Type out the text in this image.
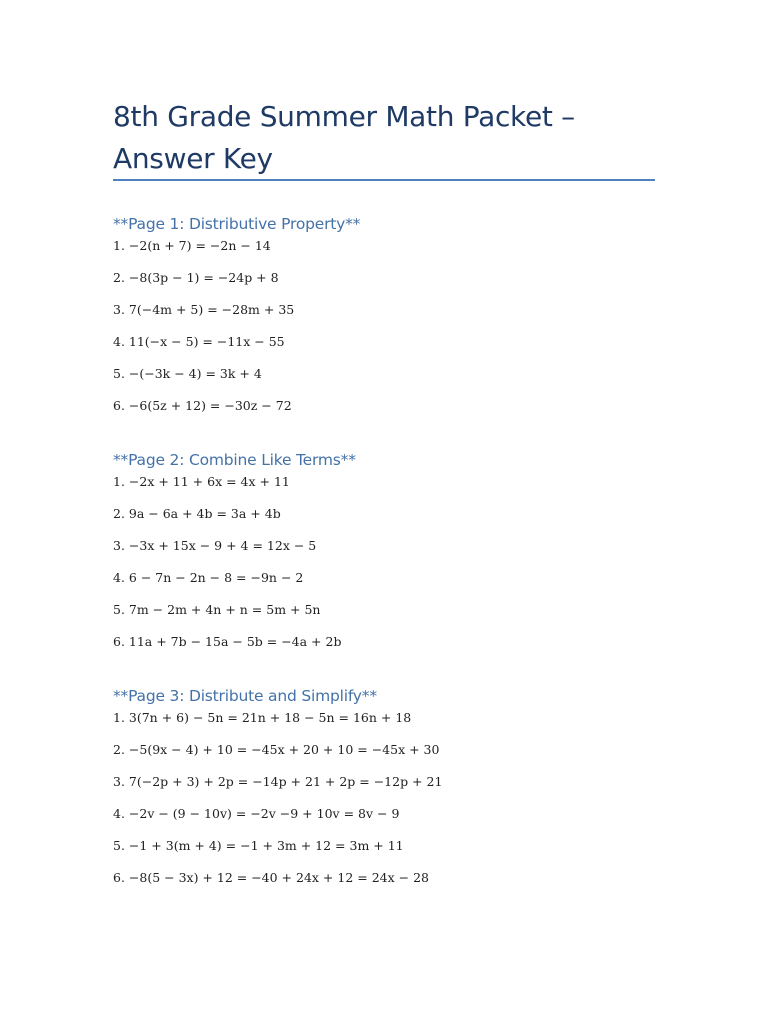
8th Grade Summer Math Packet – Answer Key
**Page 1: Distributive Property**
1. −2(n + 7) = −2n − 14
2. −8(3p − 1) = −24p + 8
3. 7(−4m + 5) = −28m + 35
4. 11(−x − 5) = −11x − 55
5. −(−3k − 4) = 3k + 4
6. −6(5z + 12) = −30z − 72
**Page 2: Combine Like Terms**
1. −2x + 11 + 6x = 4x + 11
2. 9a − 6a + 4b = 3a + 4b
3. −3x + 15x − 9 + 4 = 12x − 5
4. 6 − 7n − 2n − 8 = −9n − 2
5. 7m − 2m + 4n + n = 5m + 5n
6. 11a + 7b − 15a − 5b = −4a + 2b
**Page 3: Distribute and Simplify**
1. 3(7n + 6) − 5n = 21n + 18 − 5n = 16n + 18
2. −5(9x − 4) + 10 = −45x + 20 + 10 = −45x + 30
3. 7(−2p + 3) + 2p = −14p + 21 + 2p = −12p + 21
4. −2v − (9 − 10v) = −2v −9 + 10v = 8v − 9
5. −1 + 3(m + 4) = −1 + 3m + 12 = 3m + 11
6. −8(5 − 3x) + 12 = −40 + 24x + 12 = 24x − 28
